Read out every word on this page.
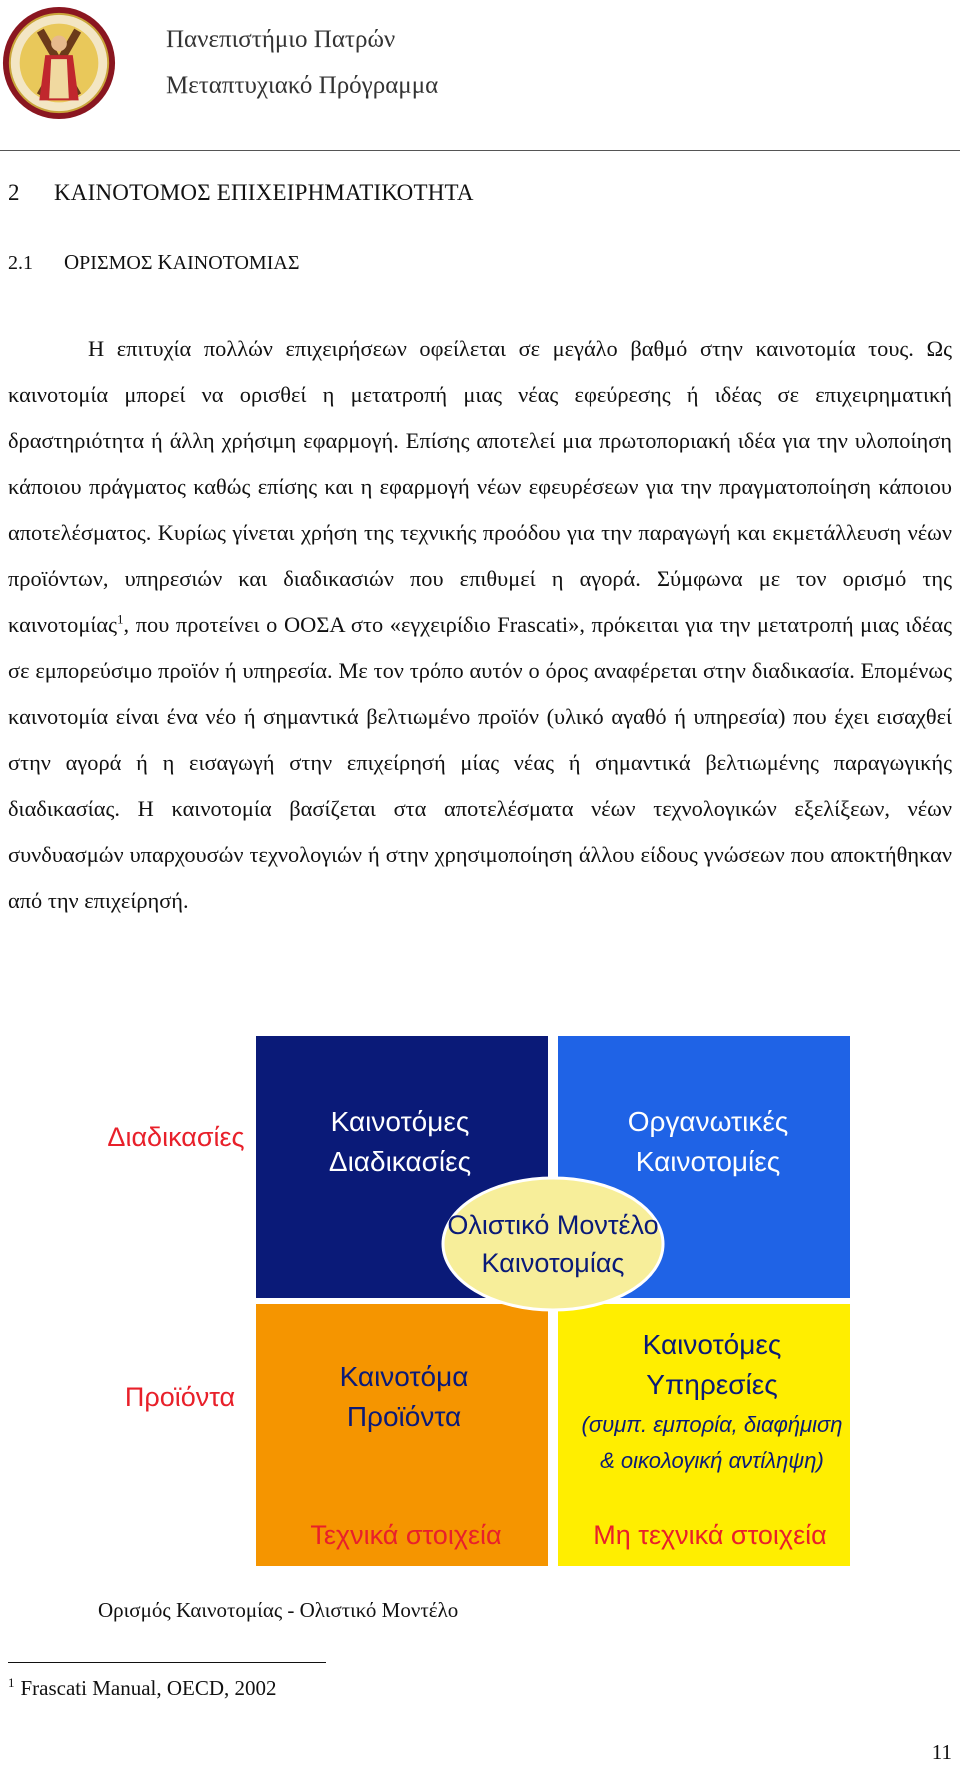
Πανεπιστήμιο Πατρών
Μεταπτυχιακό Πρόγραμμα
2 ΚΑΙΝΟΤΟΜΟΣ ΕΠΙΧΕΙΡΗΜΑΤΙΚΟΤΗΤΑ
2.1 ΟΡΙΣΜΟΣ ΚΑΙΝΟΤΟΜΙΑΣ

Η επιτυχία πολλών επιχειρήσεων οφείλεται σε μεγάλο βαθμό στην καινοτομία τους. Ως καινοτομία μπορεί να ορισθεί η μετατροπή μιας νέας εφεύρεσης ή ιδέας σε επιχειρηματική δραστηριότητα ή άλλη χρήσιμη εφαρμογή. Επίσης αποτελεί μια πρωτοποριακή ιδέα για την υλοποίηση κάποιου πράγματος καθώς επίσης και η εφαρμογή νέων εφευρέσεων για την πραγματοποίηση κάποιου αποτελέσματος. Κυρίως γίνεται χρήση της τεχνικής προόδου για την παραγωγή και εκμετάλλευση νέων προϊόντων, υπηρεσιών και διαδικασιών που επιθυμεί η αγορά. Σύμφωνα με τον ορισμό της καινοτομίας$^1$, που προτείνει ο ΟΟΣΑ στο «εγχειρίδιο Frascati», πρόκειται για την μετατροπή μιας ιδέας σε εμπορεύσιμο προϊόν ή υπηρεσία. Με τον τρόπο αυτόν ο όρος αναφέρεται στην διαδικασία. Επομένως καινοτομία είναι ένα νέο ή σημαντικά βελτιωμένο προϊόν (υλικό αγαθό ή υπηρεσία) που έχει εισαχθεί στην αγορά ή η εισαγωγή στην επιχείρησή μίας νέας ή σημαντικά βελτιωμένης παραγωγικής διαδικασίας. Η καινοτομία βασίζεται στα αποτελέσματα νέων τεχνολογικών εξελίξεων, νέων συνδυασμών υπαρχουσών τεχνολογιών ή στην χρησιμοποίηση άλλου είδους γνώσεων που αποκτήθηκαν από την επιχείρησή.

Διαδικασίες
Προϊόντα
Καινοτόμες
Διαδικασίες
Οργανωτικές
Καινοτομίες
Ολιστικό Μοντέλο
Καινοτομίας
Καινοτόμα
Προϊόντα
Καινοτόμες
Υπηρεσίες
(συμπ. εμπορία, διαφήμιση
& οικολογική αντίληψη)
Τεχνικά στοιχεία	Μη τεχνικά στοιχεία
Ορισμός Καινοτομίας - Ολιστικό Μοντέλο
$^1$ Frascati Manual, OECD, 2002
11
